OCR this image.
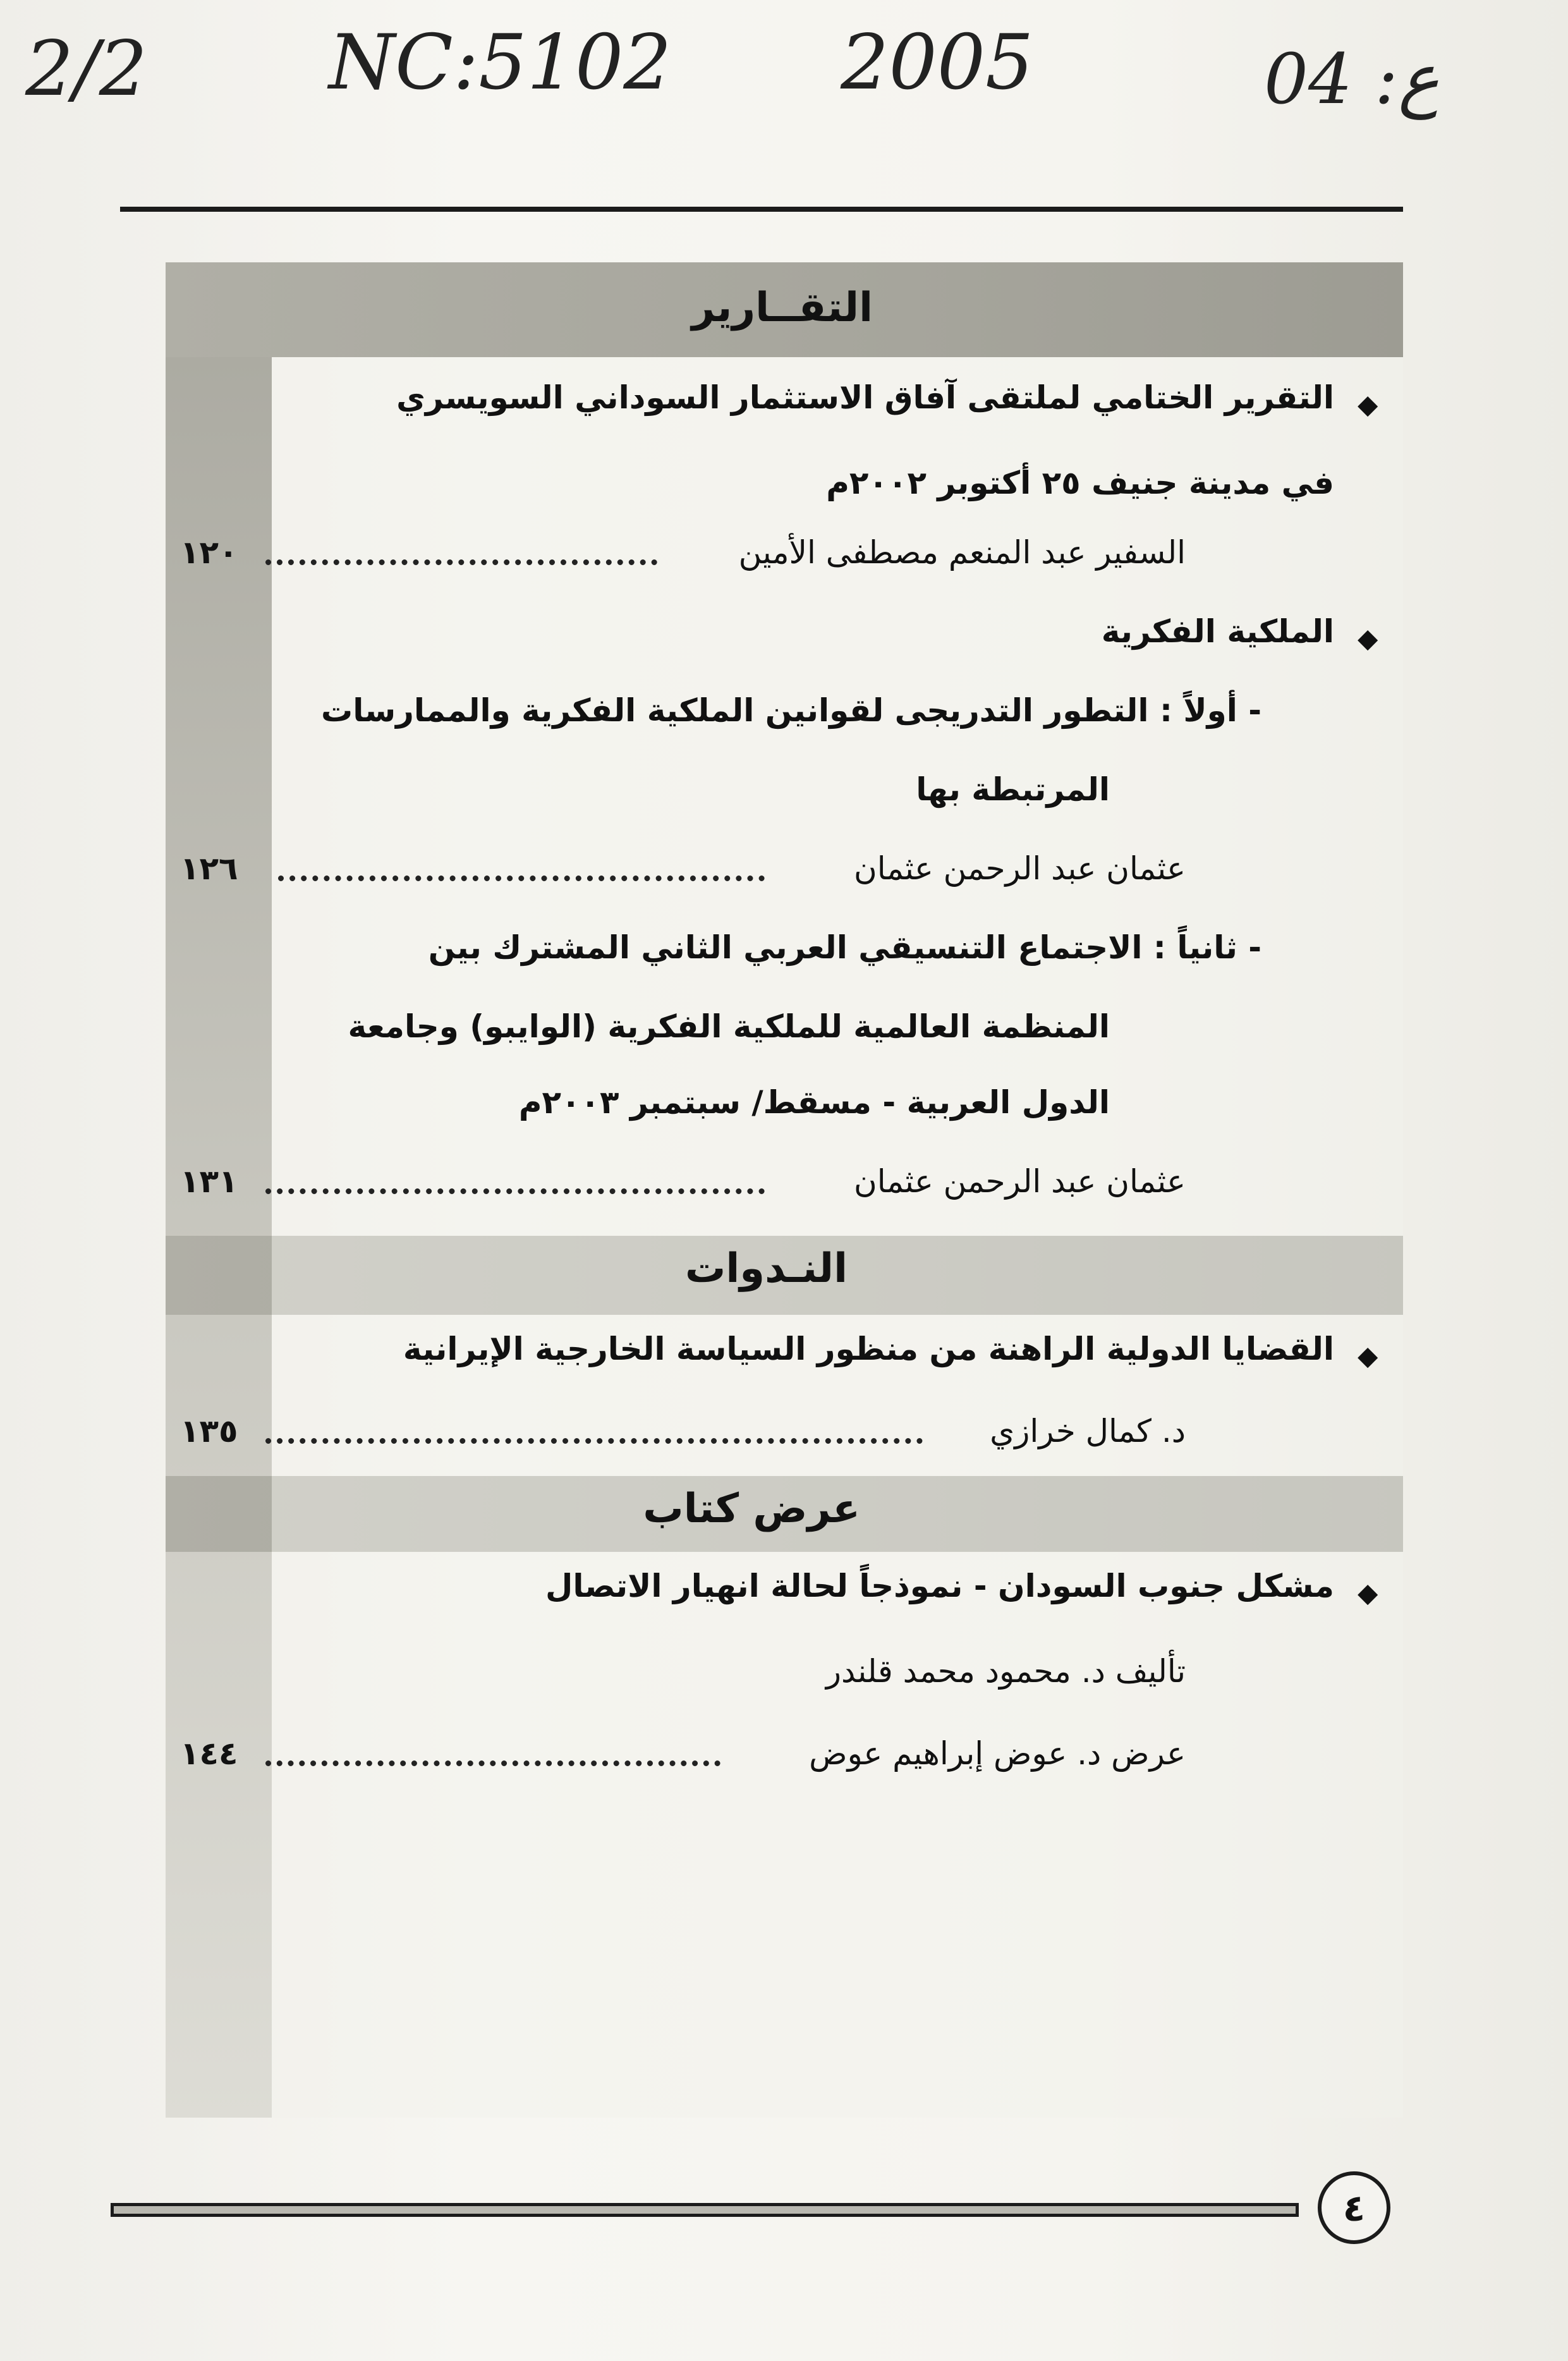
2/2 NC:5102 2005	04 :ع
التقــارير
النـدوات
عرض كتاب
◆
التقرير الختامي لملتقى آفاق الاستثمار السوداني السويسري
في مدينة جنيف ٢٥ أكتوبر ٢٠٠٢م
السفير عبد المنعم مصطفى الأمين
١٢٠
◆
الملكية الفكرية
- أولاً : التطور التدريجى لقوانين الملكية الفكرية والممارسات
المرتبطة بها
عثمان عبد الرحمن عثمان
١٢٦
- ثانياً : الاجتماع التنسيقي العربي الثاني المشترك بين
المنظمة العالمية للملكية الفكرية (الوايبو) وجامعة
الدول العربية - مسقط/ سبتمبر ٢٠٠٣م
عثمان عبد الرحمن عثمان
١٣١
◆
القضايا الدولية الراهنة من منظور السياسة الخارجية الإيرانية
د. كمال خرازي
١٣٥
◆
مشكل جنوب السودان - نموذجاً لحالة انهيار الاتصال
تأليف د. محمود محمد قلندر
عرض د. عوض إبراهيم عوض
١٤٤
٤
